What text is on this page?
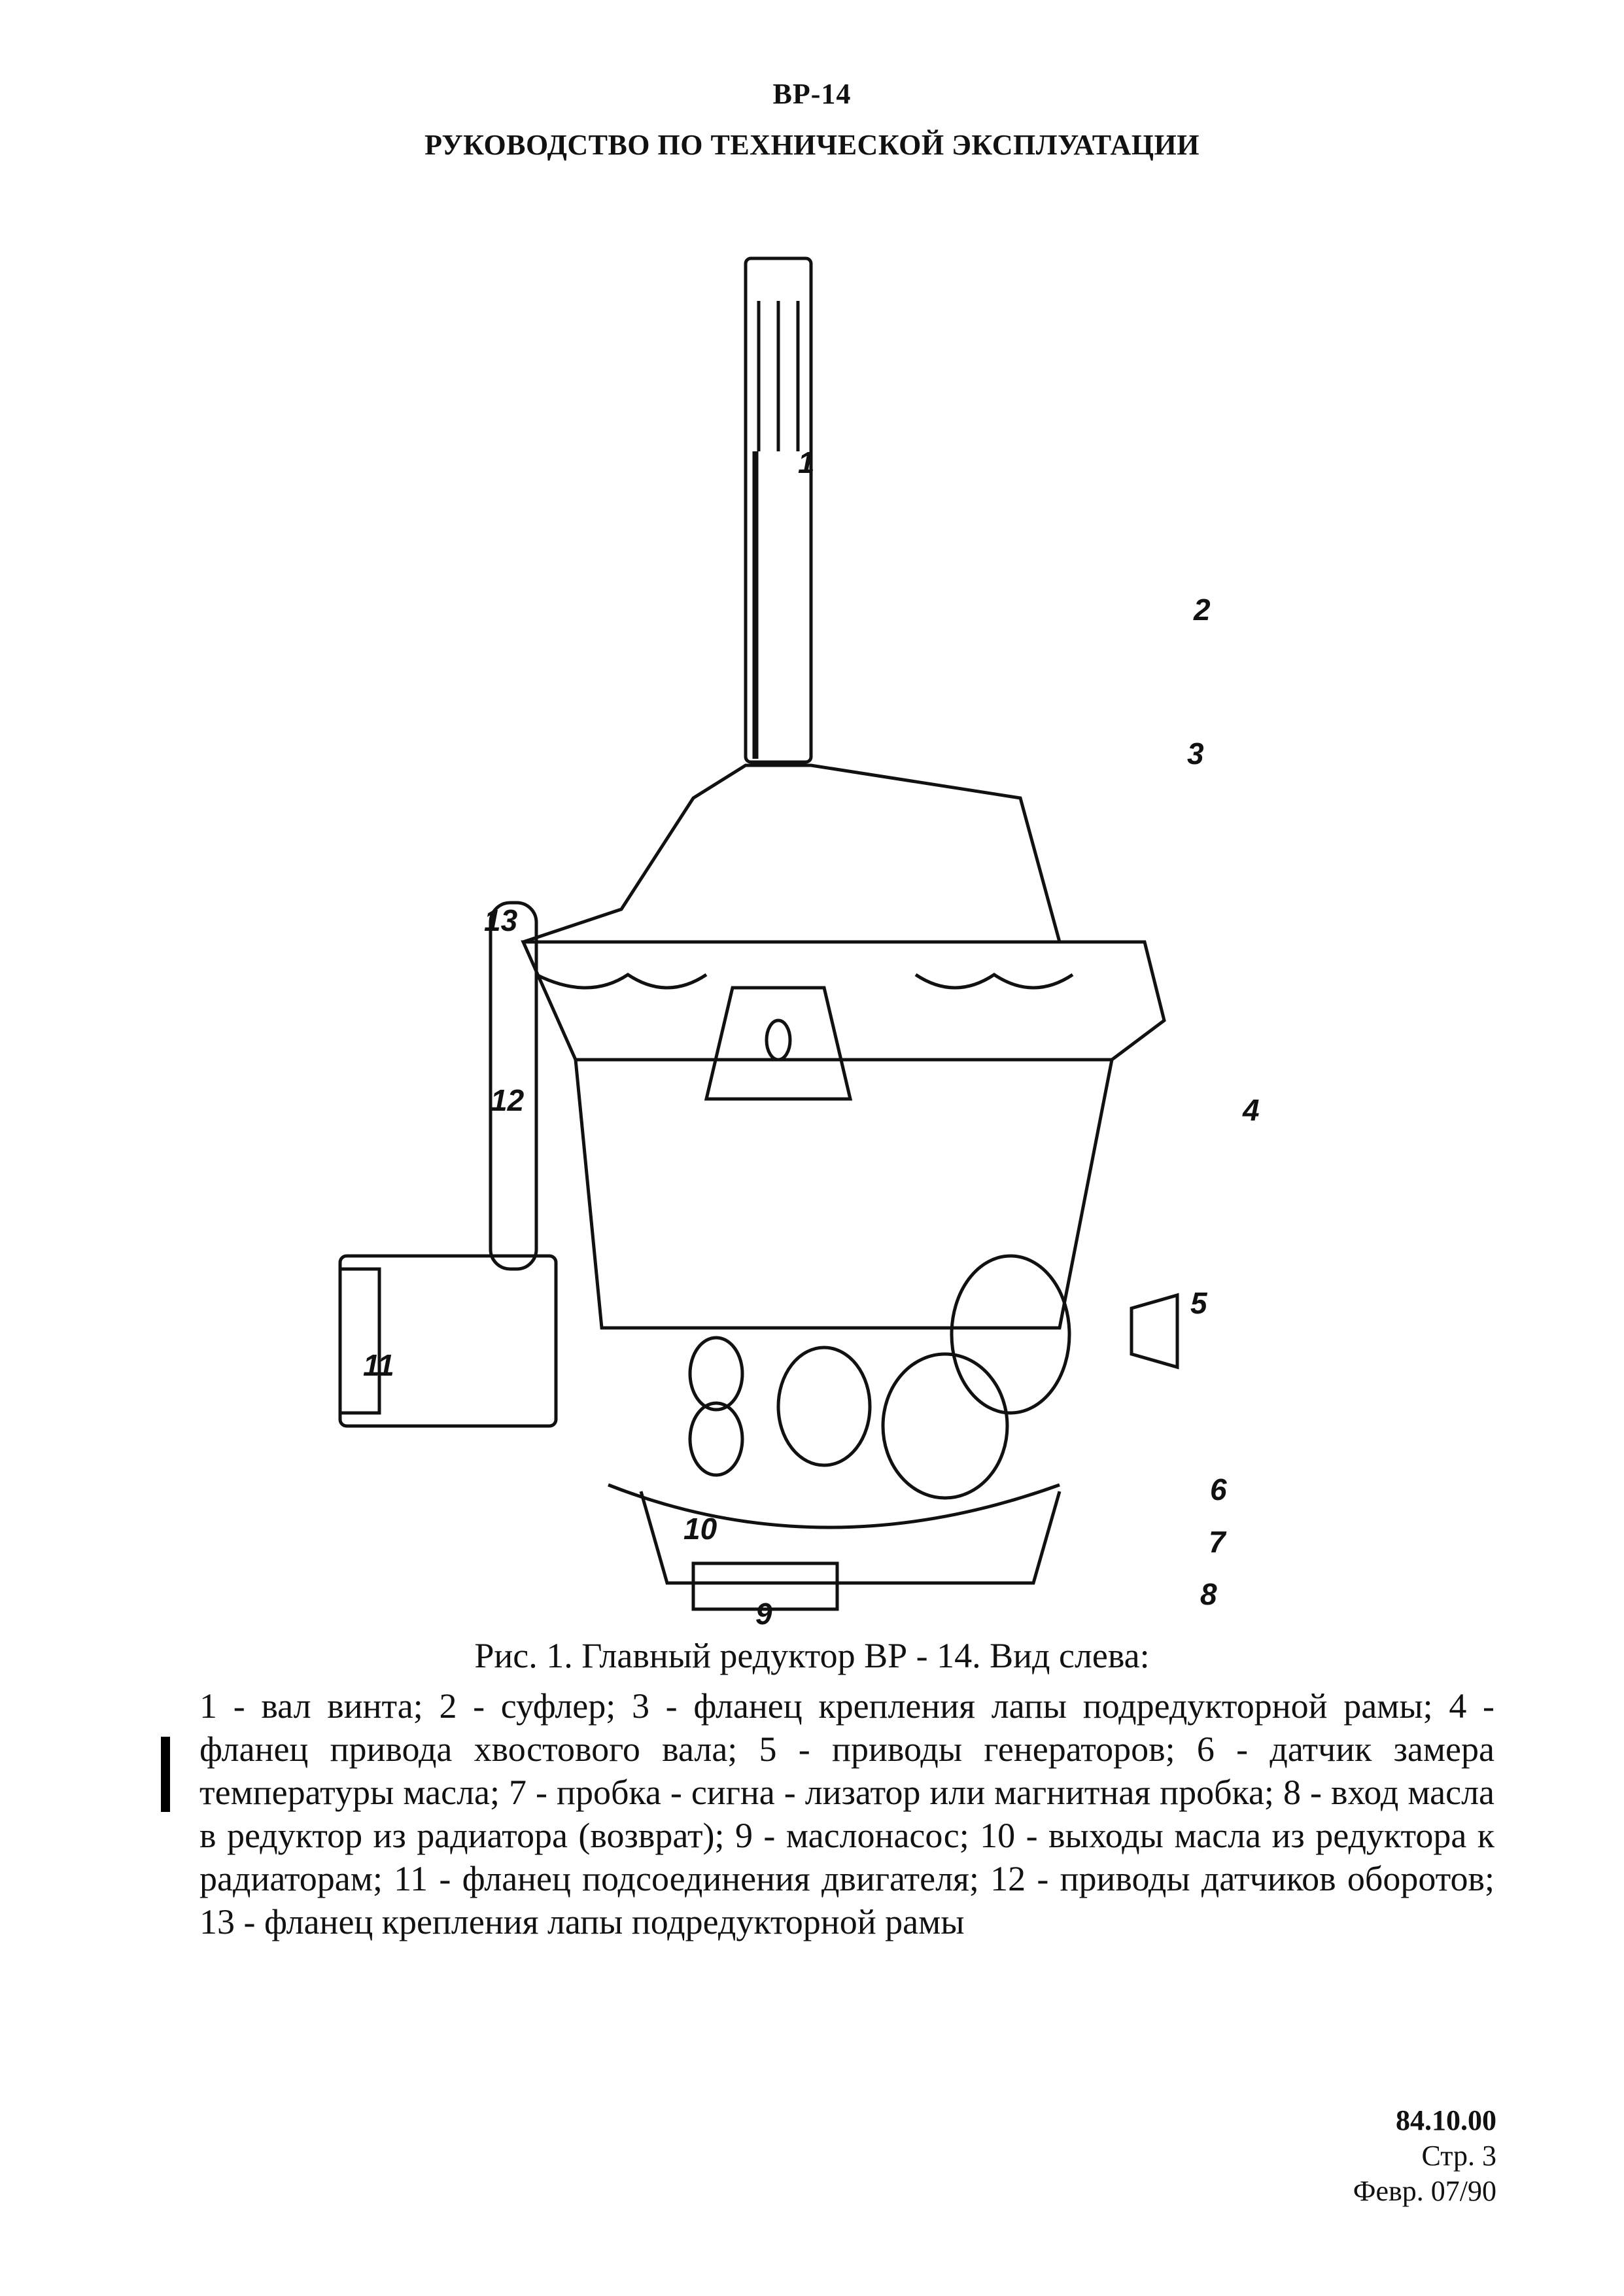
ВР-14
РУКОВОДСТВО ПО ТЕХНИЧЕСКОЙ ЭКСПЛУАТАЦИИ
1
2
3
4
5
6
7
8
9
10
11
12
13
Рис. 1. Главный редуктор ВР - 14. Вид слева:
1 - вал винта; 2 - суфлер; 3 - фланец крепления лапы подредукторной рамы; 4 - фланец привода хвостового вала; 5 - приводы генераторов; 6 - датчик замера температуры масла; 7 - пробка - сигна - лизатор или магнитная пробка; 8 - вход масла в редуктор из радиатора (возврат); 9 - маслонасос; 10 - выходы масла из редуктора к радиаторам; 11 - фланец подсоединения двигателя; 12 - приводы датчиков оборотов; 13 - фланец крепления лапы подредукторной рамы
84.10.00
Стр. 3
Февр. 07/90
